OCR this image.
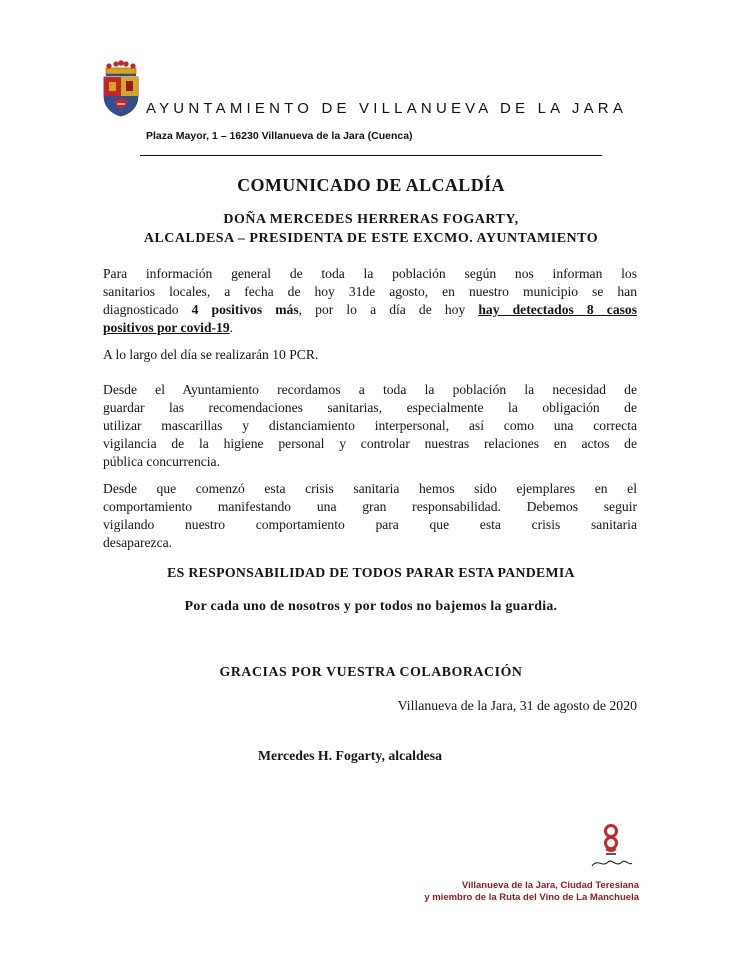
AYUNTAMIENTO DE VILLANUEVA DE LA JARA
Plaza Mayor, 1 – 16230 Villanueva de la Jara (Cuenca)
COMUNICADO DE ALCALDÍA
DOÑA MERCEDES HERRERAS FOGARTY,
ALCALDESA – PRESIDENTA DE ESTE EXCMO. AYUNTAMIENTO
Para información general de toda la población según nos informan los
sanitarios locales, a fecha de hoy 31de agosto, en nuestro municipio se han
diagnosticado 4 positivos más, por lo a día de hoy hay detectados 8 casos
positivos por covid-19.
A lo largo del día se realizarán 10 PCR.
Desde el Ayuntamiento recordamos a toda la población la necesidad de
guardar las recomendaciones sanitarias, especialmente la obligación de
utilizar mascarillas y distanciamiento interpersonal, así como una correcta
vigilancia de la higiene personal y controlar nuestras relaciones en actos de
pública concurrencia.
Desde que comenzó esta crisis sanitaria hemos sido ejemplares en el
comportamiento manifestando una gran responsabilidad. Debemos seguir
vigilando nuestro comportamiento para que esta crisis sanitaria
desaparezca.
ES RESPONSABILIDAD DE TODOS PARAR ESTA PANDEMIA
Por cada uno de nosotros y por todos no bajemos la guardia.
GRACIAS POR VUESTRA COLABORACIÓN
Villanueva de la Jara, 31 de agosto de 2020
Mercedes H. Fogarty, alcaldesa
Villanueva de la Jara, Ciudad Teresiana
y miembro de la Ruta del Vino de La Manchuela
